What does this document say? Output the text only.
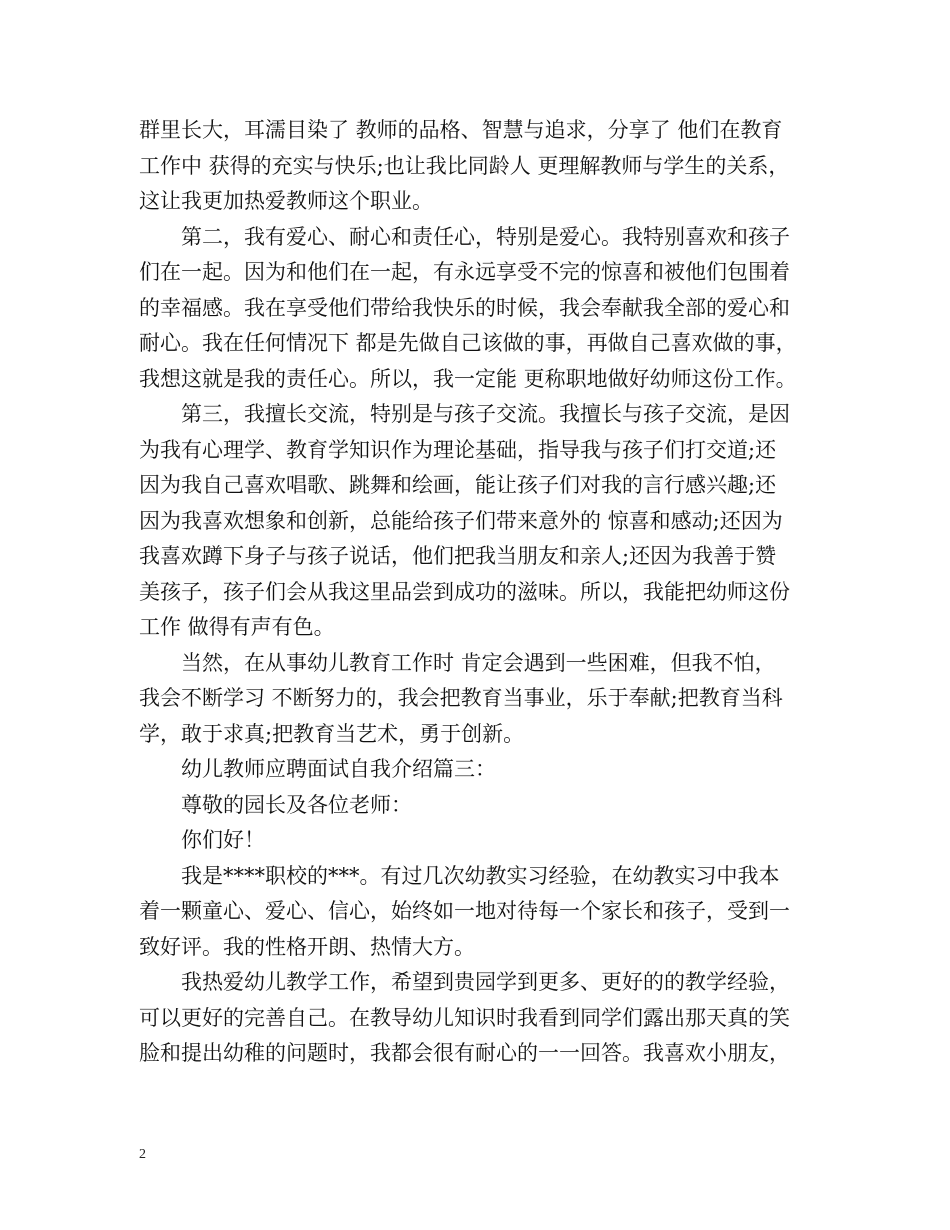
群里长大，耳濡目染了 教师的品格、智慧与追求，分享了 他们在教育
工作中 获得的充实与快乐;也让我比同龄人 更理解教师与学生的关系，
这让我更加热爱教师这个职业。
第二，我有爱心、耐心和责任心，特别是爱心。我特别喜欢和孩子
们在一起。因为和他们在一起，有永远享受不完的惊喜和被他们包围着
的幸福感。我在享受他们带给我快乐的时候，我会奉献我全部的爱心和
耐心。我在任何情况下 都是先做自己该做的事，再做自己喜欢做的事，
我想这就是我的责任心。所以，我一定能 更称职地做好幼师这份工作。
第三，我擅长交流，特别是与孩子交流。我擅长与孩子交流，是因
为我有心理学、教育学知识作为理论基础，指导我与孩子们打交道;还
因为我自己喜欢唱歌、跳舞和绘画，能让孩子们对我的言行感兴趣;还
因为我喜欢想象和创新，总能给孩子们带来意外的 惊喜和感动;还因为
我喜欢蹲下身子与孩子说话，他们把我当朋友和亲人;还因为我善于赞
美孩子，孩子们会从我这里品尝到成功的滋味。所以，我能把幼师这份
工作 做得有声有色。
当然，在从事幼儿教育工作时 肯定会遇到一些困难，但我不怕，
我会不断学习 不断努力的，我会把教育当事业，乐于奉献;把教育当科
学，敢于求真;把教育当艺术，勇于创新。
幼儿教师应聘面试自我介绍篇三：
尊敬的园长及各位老师：
你们好！
我是****职校的***。有过几次幼教实习经验，在幼教实习中我本
着一颗童心、爱心、信心，始终如一地对待每一个家长和孩子，受到一
致好评。我的性格开朗、热情大方。
我热爱幼儿教学工作，希望到贵园学到更多、更好的的教学经验，
可以更好的完善自己。在教导幼儿知识时我看到同学们露出那天真的笑
脸和提出幼稚的问题时，我都会很有耐心的一一回答。我喜欢小朋友，
2
